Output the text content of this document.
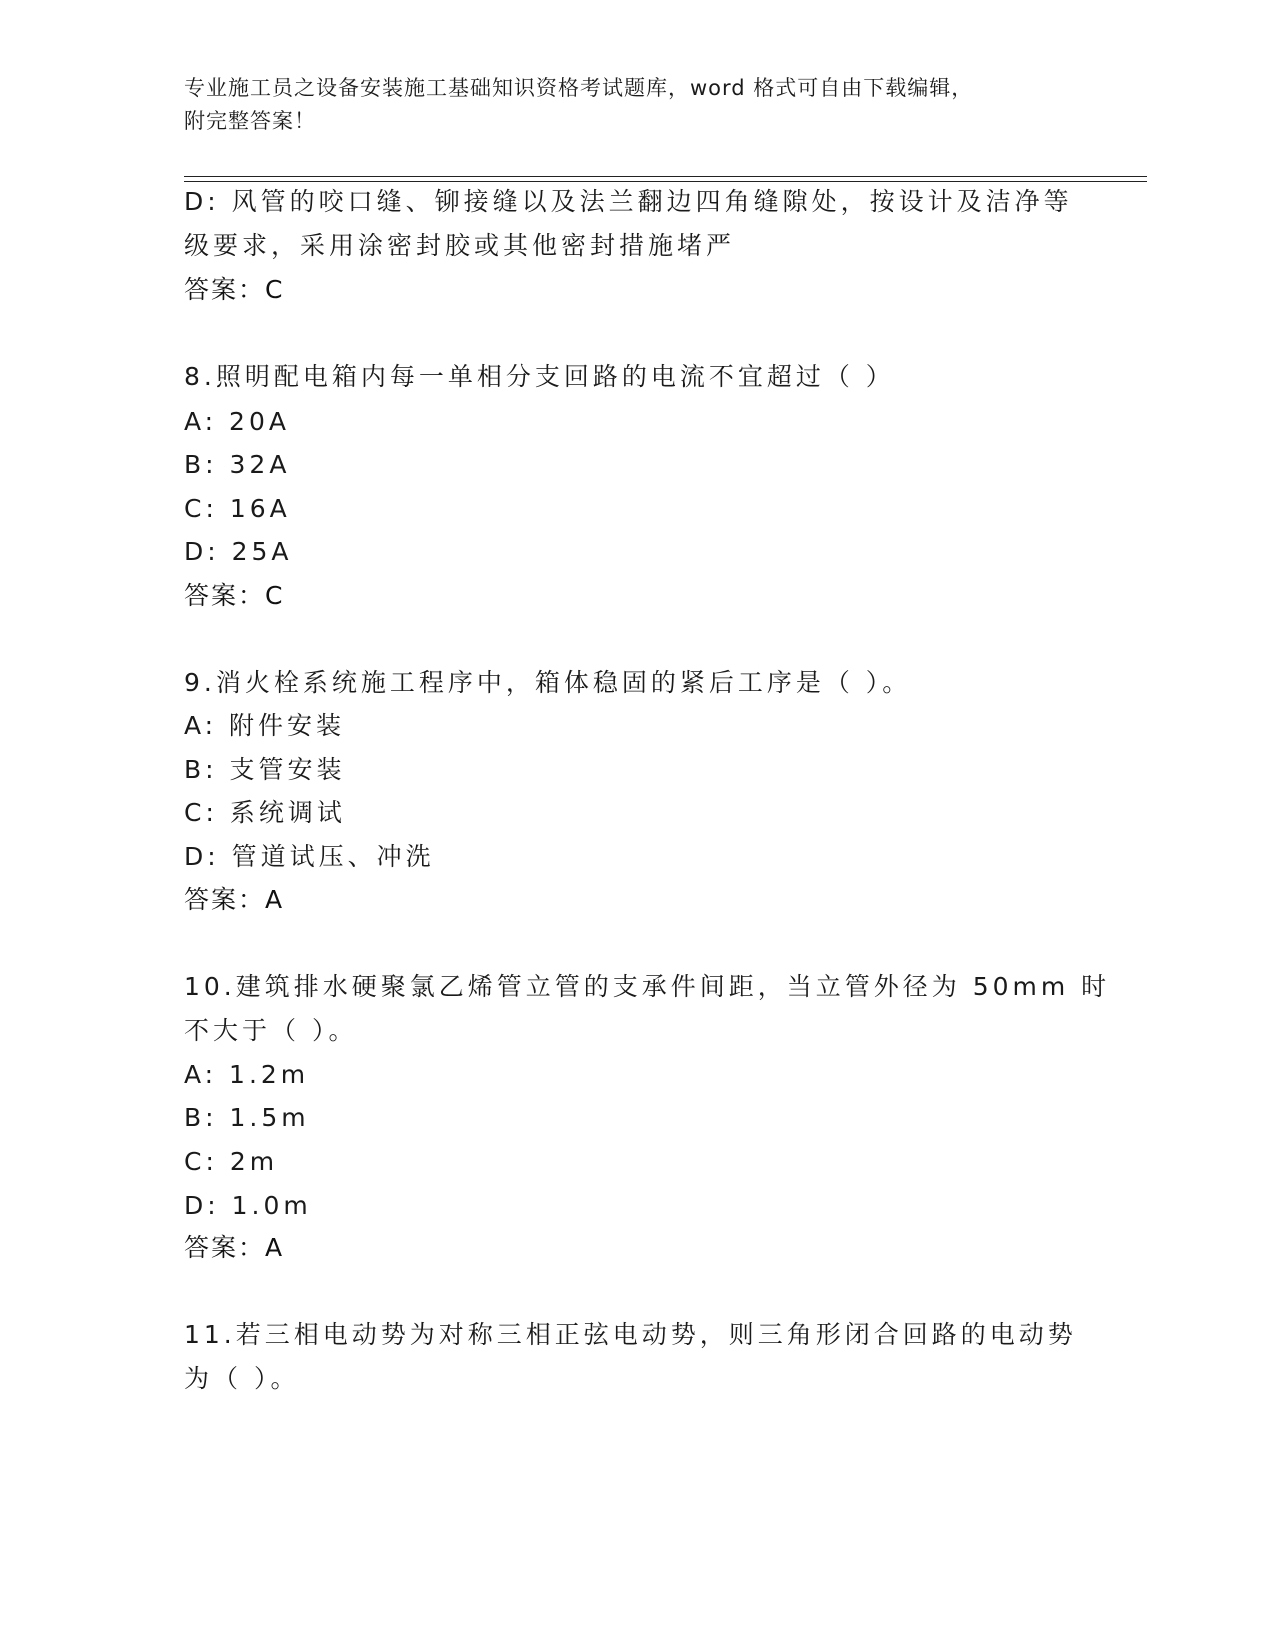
专业施工员之设备安装施工基础知识资格考试题库，word 格式可自由下载编辑，
附完整答案！
D: 风管的咬口缝、铆接缝以及法兰翻边四角缝隙处，按设计及洁净等
级要求，采用涂密封胶或其他密封措施堵严
答案：C
8.照明配电箱内每一单相分支回路的电流不宜超过（ ）
A: 20A
B: 32A
C: 16A
D: 25A
答案：C
9.消火栓系统施工程序中，箱体稳固的紧后工序是（ ）。
A: 附件安装
B: 支管安装
C: 系统调试
D: 管道试压、冲洗
答案：A
10.建筑排水硬聚氯乙烯管立管的支承件间距，当立管外径为 50mm 时
不大于（ ）。
A: 1.2m
B: 1.5m
C: 2m
D: 1.0m
答案：A
11.若三相电动势为对称三相正弦电动势，则三角形闭合回路的电动势
为（ ）。
